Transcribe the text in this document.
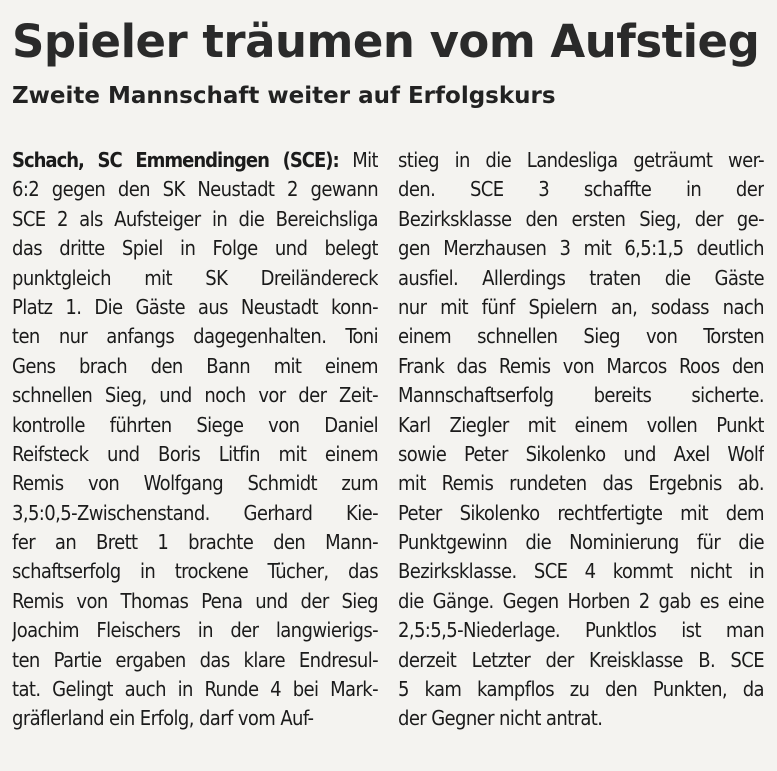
Spieler träumen vom Aufstieg
Zweite Mannschaft weiter auf Erfolgskurs
Schach, SC Emmendingen (SCE): Mit
6:2 gegen den SK Neustadt 2 gewann
SCE 2 als Aufsteiger in die Bereichsliga
das dritte Spiel in Folge und belegt
punktgleich mit SK Dreiländereck
Platz 1. Die Gäste aus Neustadt konn-
ten nur anfangs dagegenhalten. Toni
Gens brach den Bann mit einem
schnellen Sieg, und noch vor der Zeit-
kontrolle führten Siege von Daniel
Reifsteck und Boris Litfin mit einem
Remis von Wolfgang Schmidt zum
3,5:0,5-Zwischenstand. Gerhard Kie-
fer an Brett 1 brachte den Mann-
schaftserfolg in trockene Tücher, das
Remis von Thomas Pena und der Sieg
Joachim Fleischers in der langwierigs-
ten Partie ergaben das klare Endresul-
tat. Gelingt auch in Runde 4 bei Mark-
gräflerland ein Erfolg, darf vom Auf-
stieg in die Landesliga geträumt wer-
den. SCE 3 schaffte in der
Bezirksklasse den ersten Sieg, der ge-
gen Merzhausen 3 mit 6,5:1,5 deutlich
ausfiel. Allerdings traten die Gäste
nur mit fünf Spielern an, sodass nach
einem schnellen Sieg von Torsten
Frank das Remis von Marcos Roos den
Mannschaftserfolg bereits sicherte.
Karl Ziegler mit einem vollen Punkt
sowie Peter Sikolenko und Axel Wolf
mit Remis rundeten das Ergebnis ab.
Peter Sikolenko rechtfertigte mit dem
Punktgewinn die Nominierung für die
Bezirksklasse. SCE 4 kommt nicht in
die Gänge. Gegen Horben 2 gab es eine
2,5:5,5-Niederlage. Punktlos ist man
derzeit Letzter der Kreisklasse B. SCE
5 kam kampflos zu den Punkten, da
der Gegner nicht antrat.
